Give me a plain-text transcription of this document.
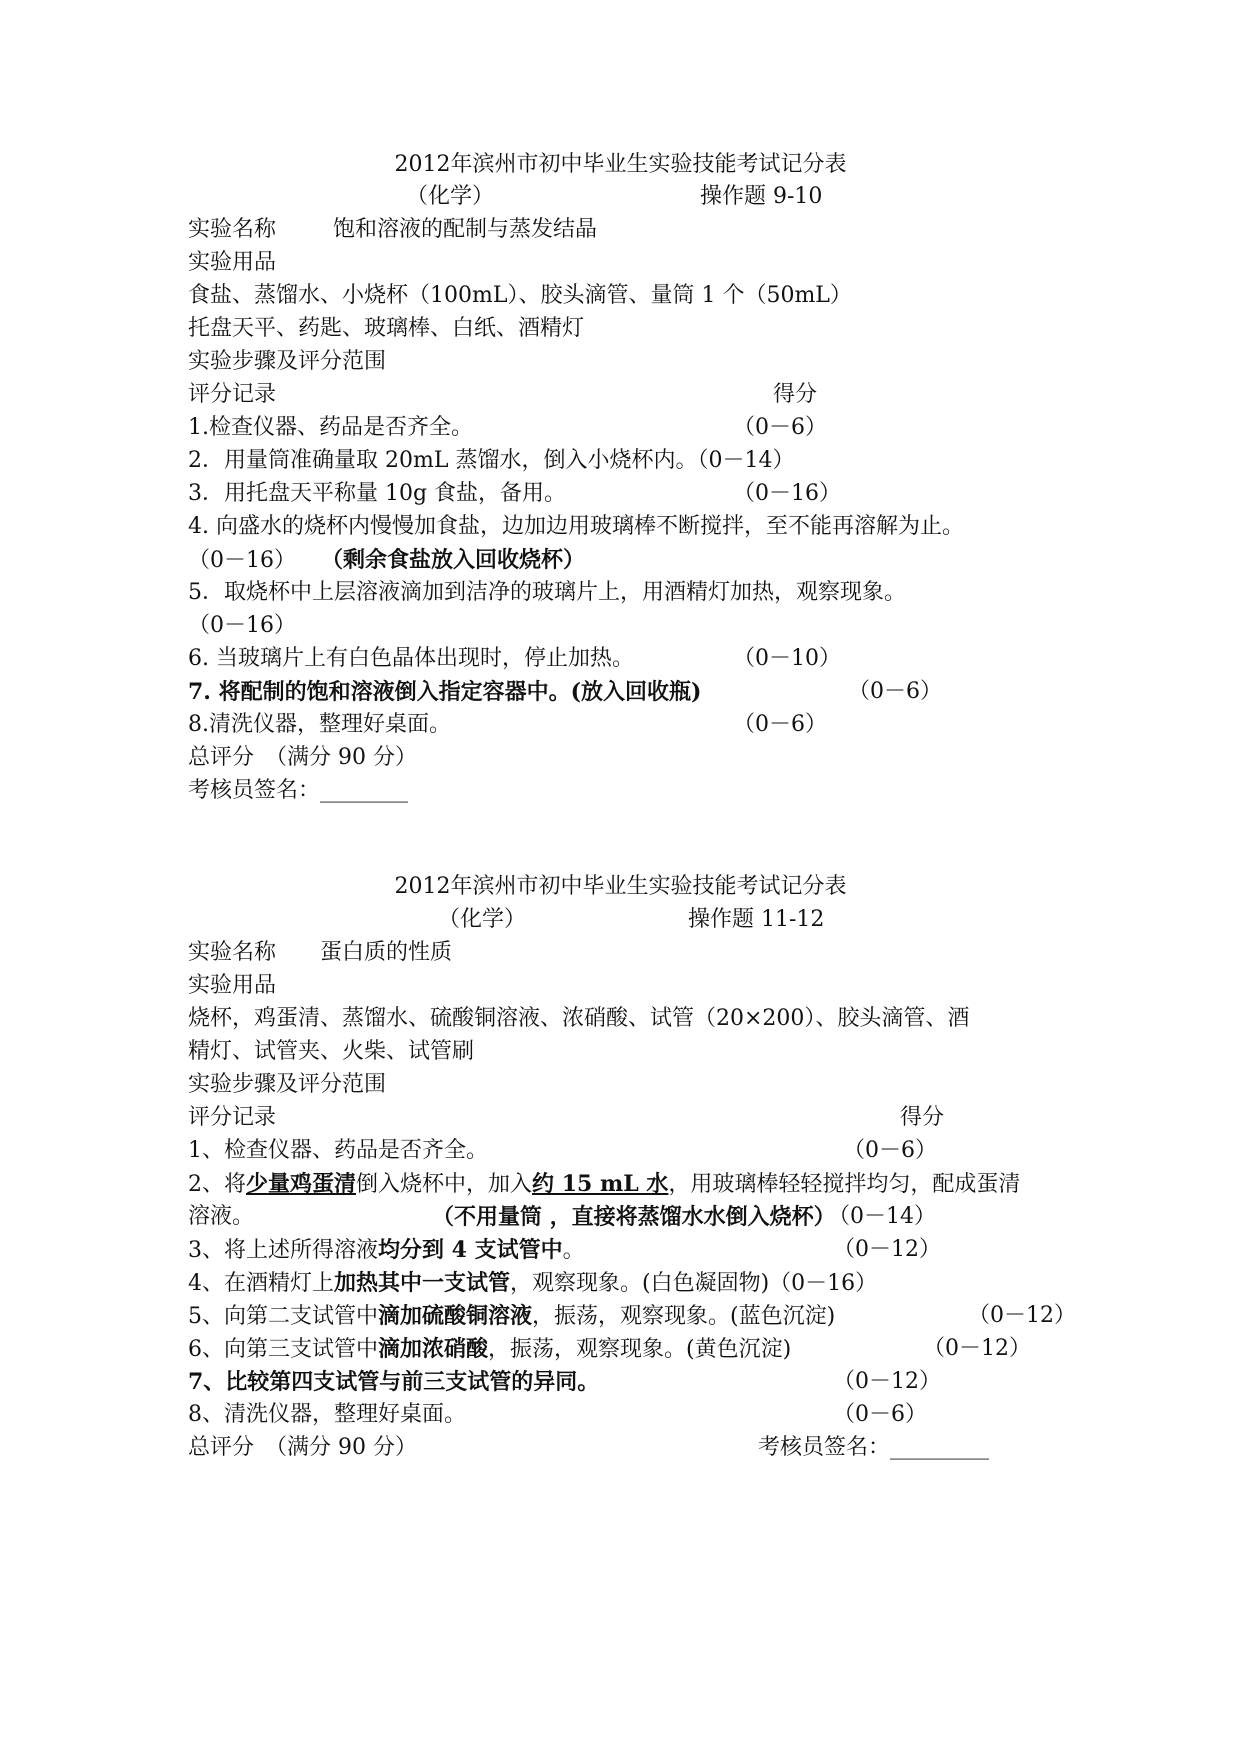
2012年滨州市初中毕业生实验技能考试记分表
（化学）	操作题 9-10
实验名称	饱和溶液的配制与蒸发结晶
实验用品
食盐、蒸馏水、小烧杯（100mL）、胶头滴管、量筒 1 个（50mL）
托盘天平、药匙、玻璃棒、白纸、酒精灯
实验步骤及评分范围
评分记录	得分
1.检查仪器、药品是否齐全。	（0－6）
2．用量筒准确量取 20mL 蒸馏水，倒入小烧杯内。（0－14）
3．用托盘天平称量 10g 食盐，备用。	（0－16）
4. 向盛水的烧杯内慢慢加食盐，边加边用玻璃棒不断搅拌，至不能再溶解为止。
（0－16） （剩余食盐放入回收烧杯）
5．取烧杯中上层溶液滴加到洁净的玻璃片上，用酒精灯加热，观察现象。
（0－16）
6. 当玻璃片上有白色晶体出现时，停止加热。	（0－10）
7. 将配制的饱和溶液倒入指定容器中。(放入回收瓶)	（0－6）
8.清洗仪器，整理好桌面。	（0－6）
总评分　（满分 90 分）
考核员签名：________
2012年滨州市初中毕业生实验技能考试记分表
（化学）	操作题 11-12
实验名称 蛋白质的性质
实验用品
烧杯，鸡蛋清、蒸馏水、硫酸铜溶液、浓硝酸、试管（20×200）、胶头滴管、酒
精灯、试管夹、火柴、试管刷
实验步骤及评分范围
评分记录	得分
1、检查仪器、药品是否齐全。	（0－6）
2、将少量鸡蛋清倒入烧杯中，加入约 15 mL 水，用玻璃棒轻轻搅拌均匀，配成蛋清
溶液。	（不用量筒 ，直接将蒸馏水水倒入烧杯）
（0－14）
3、将上述所得溶液均分到 4 支试管中。	（0－12）
4、在酒精灯上加热其中一支试管，观察现象。(白色凝固物)（0－16）
5、向第二支试管中滴加硫酸铜溶液，振荡，观察现象。(蓝色沉淀)	（0－12）
6、向第三支试管中滴加浓硝酸，振荡，观察现象。(黄色沉淀)	（0－12）
7、比较第四支试管与前三支试管的异同。	（0－12）
8、清洗仪器，整理好桌面。	（0－6）
总评分　（满分 90 分）	考核员签名：_________
